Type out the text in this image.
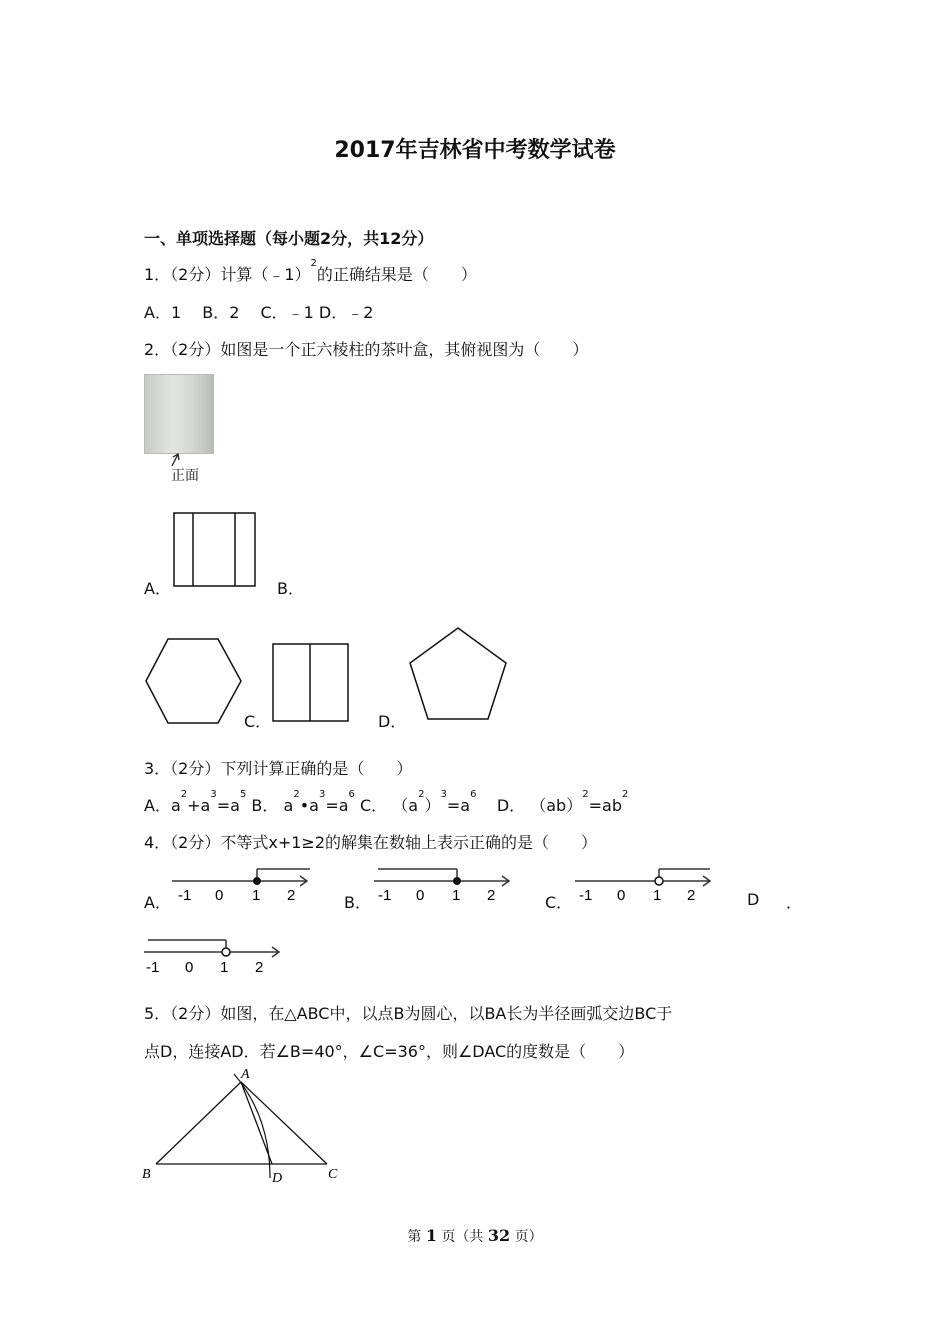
2017年吉林省中考数学试卷
一、单项选择题（每小题2分，共12分）
1．（2分）计算（﹣1）$^2$的正确结果是（　　）
A．1　 B．2　 C．﹣1 D．﹣2
2．（2分）如图是一个正六棱柱的茶叶盒，其俯视图为（　　）
正面
A．	B．
C．	D．
3．（2分）下列计算正确的是（　　）
A．$a^2+a^3=a^5$ B． $a^2•a^3=a^6$ C． $(a^2)^3=a^6$    D． $(ab)^2=ab^2$
4．（2分）不等式x+1≥2的解集在数轴上表示正确的是（　　）
A．	B．	C．	D ．
-1 0 1 2	-1 0 1 2	-1 0 1 2
-1 0 1 2
5．（2分）如图，在△ABC中，以点B为圆心，以BA长为半径画弧交边BC于
点D，连接AD．若∠B=40°，∠C=36°，则∠DAC的度数是（　　）
A
B	C
D
第 1 页（共 32 页）
